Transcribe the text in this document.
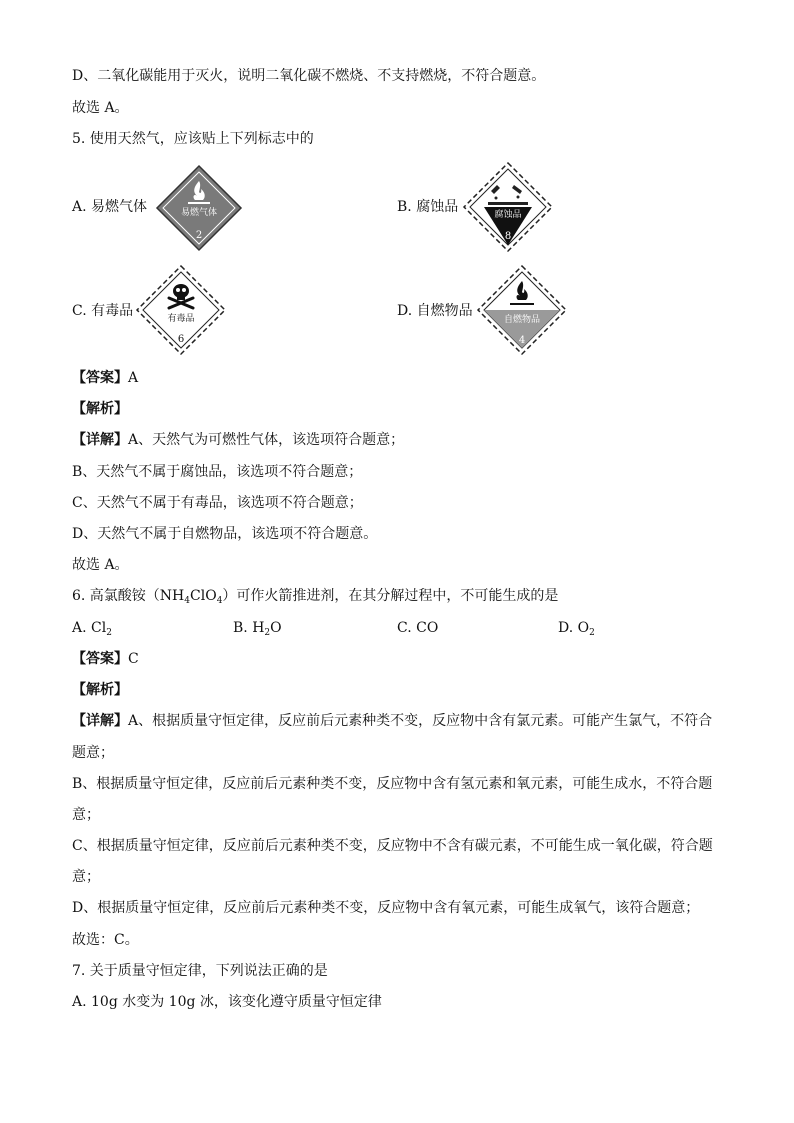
D、二氧化碳能用于灭火，说明二氧化碳不燃烧、不支持燃烧，不符合题意。
故选 A。
5. 使用天然气，应该贴上下列标志中的
A. 易燃气体	易燃气体
2
B. 腐蚀品	腐蚀品
8
C. 有毒品	有毒品
6
D. 自燃物品
自燃物品
4
【答案】A
【解析】
【详解】A、天然气为可燃性气体，该选项符合题意；
B、天然气不属于腐蚀品，该选项不符合题意；
C、天然气不属于有毒品，该选项不符合题意；
D、天然气不属于自燃物品，该选项不符合题意。
故选 A。
6. 高氯酸铵$(NH_4ClO_4)$可作火箭推进剂，在其分解过程中，不可能生成的是
A. $Cl_2$	B. $H_2O$	C. CO	D. $O_2$
【答案】C
【解析】
【详解】A、根据质量守恒定律，反应前后元素种类不变，反应物中含有氯元素。可能产生氯气，不符合
题意；
B、根据质量守恒定律，反应前后元素种类不变，反应物中含有氢元素和氧元素，可能生成水，不符合题
意；
C、根据质量守恒定律，反应前后元素种类不变，反应物中不含有碳元素，不可能生成一氧化碳，符合题
意；
D、根据质量守恒定律，反应前后元素种类不变，反应物中含有氧元素，可能生成氧气，该符合题意；
故选：C。
7. 关于质量守恒定律，下列说法正确的是
A. 10g 水变为 10g 冰，该变化遵守质量守恒定律
